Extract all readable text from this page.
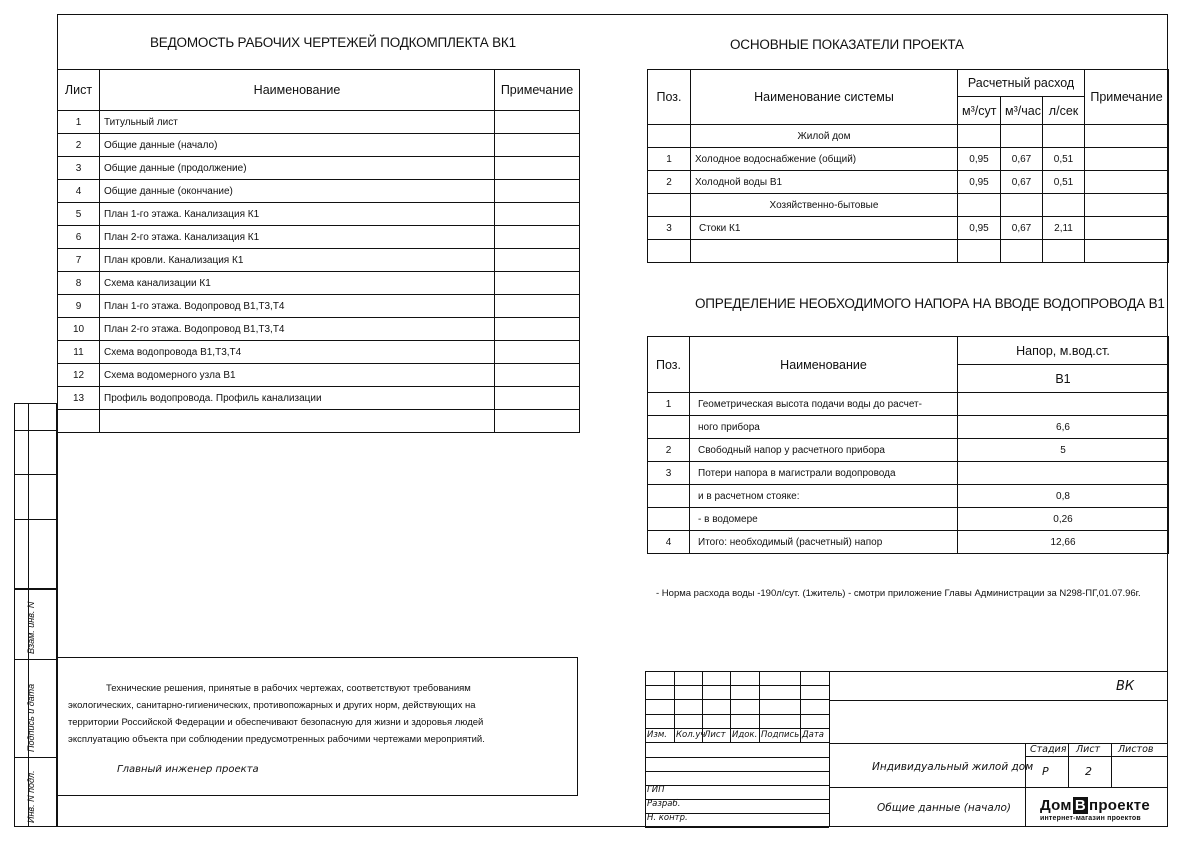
Взам. инв. N
Подпись и дата
Инв. N подл.
ВЕДОМОСТЬ РАБОЧИХ ЧЕРТЕЖЕЙ ПОДКОМПЛЕКТА ВК1
Лист	Наименование	Примечание
1	Титульный лист	
2	Общие данные (начало)	
3	Общие данные (продолжение)	
4	Общие данные (окончание)	
5	План 1-го этажа. Канализация К1	
6	План 2-го этажа. Канализация К1	
7	План кровли. Канализация К1	
8	Схема канализации К1	
9	План 1-го этажа. Водопровод В1,Т3,Т4	
10	План 2-го этажа. Водопровод В1,Т3,Т4	
11	Схема водопровода В1,Т3,Т4	
12	Схема водомерного узла В1	
13	Профиль водопровода. Профиль канализации	

Технические решения, принятые в рабочих чертежах, соответствуют требованиям
экологических, санитарно-гигиенических, противопожарных и других норм, действующих на
территории Российской Федерации и обеспечивают безопасную для жизни и здоровья людей
эксплуатацию объекта при соблюдении предусмотренных рабочими чертежами мероприятий.
Главный инженер проекта
ОСНОВНЫЕ ПОКАЗАТЕЛИ ПРОЕКТА
Поз.	Наименование системы	Расчетный расход			Примечание
		м³/сут	м³/час	л/сек	
	Жилой дом				
1	Холодное водоснабжение (общий)	0,95	0,67	0,51	
2	Холодной воды В1	0,95	0,67	0,51	
	Хозяйственно-бытовые				
3	Стоки К1	0,95	0,67	2,11	

ОПРЕДЕЛЕНИЕ НЕОБХОДИМОГО НАПОРА НА ВВОДЕ ВОДОПРОВОДА В1
Поз.	Наименование	Напор, м.вод.ст.
		В1
1	Геометрическая высота подачи воды до расчет-	
	ного прибора	6,6
2	Свободный напор у расчетного прибора	5
3	Потери напора в магистрали водопровода	
	и в расчетном стояке:	0,8
	- в водомере	0,26
4	Итого: необходимый (расчетный) напор	12,66
- Норма расхода воды -190л/сут. (1житель) - смотри приложение Главы Администрации за N298-ПГ,01.07.96г.
Изм. Кол.уч
Лист Идок. Подпись Дата
ГИП
Разраб.
Н. контр.
ВК
Стадия Лист Листов
Р	2
Индивидуальный жилой дом
Общие данные (начало) Дом В проекте
интернет-магазин проектов
